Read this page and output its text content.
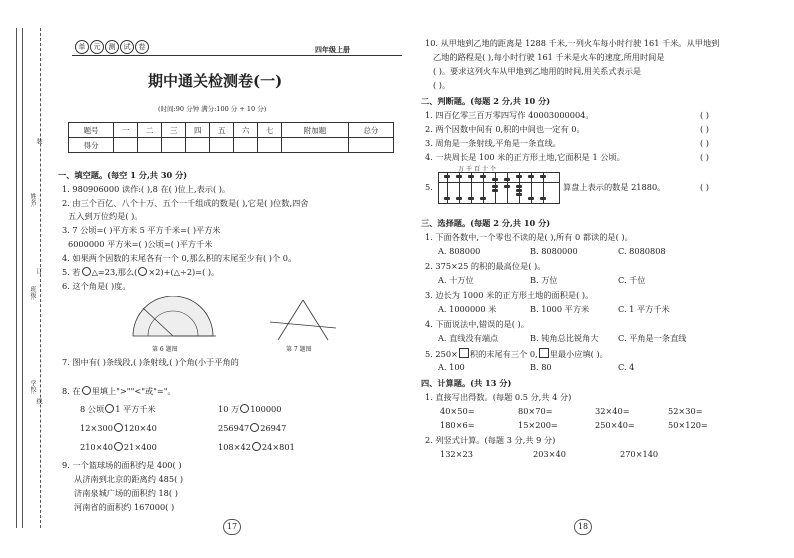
装
订
线
姓名:
班级:
学校:
单	元	测	试	卷	四年级上册
期中通关检测卷(一)
(时间:90 分钟 满分:100 分 + 10 分)
题号	一	二	三	四	五	六	七	附加题	总分
得分									
一、填空题。(每空 1 分,共 30 分)
1. 980906000 读作:( ),8 在( )位上,表示( )。
2. 由三个百亿、八个十万、五个一千组成的数是( ),它是( )位数,四舍
五入到万位约是( )。
3. 7 公顷=( )平方米 5 平方千米=( )平方米
6000000 平方米=( )公顷=( )平方千米
4. 如果两个因数的末尾各有一个 0,那么积的末尾至少有( )个 0。
5. 若 △=23,那么( ×2)+(△÷2)=( )。
6. 这个角是( )度。
第 6 题图	第 7 题图
7. 图中有( )条线段,( )条射线,( )个角(小于平角的
8. 在 里填上">""<"或"="。
8 公顷 1 平方千米	10 万 100000
12×300 120×40	256947 26947
210×40 21×400	108×42 24×801
9. 一个篮球场的面积约是 400( )
从济南到北京的距离约 485( )
济南泉城广场的面积约 18( )
河南省的面积约 167000( )
17
10. 从甲地到乙地的距离是 1288 千米,一列火车每小时行驶 161 千米。从甲地到
乙地的路程是( ),每小时行驶 161 千米是火车的速度,所用时间是
( )。要求这列火车从甲地到乙地用的时间,用关系式表示是
( )。
二、判断题。(每题 2 分,共 10 分)
1. 四百亿零三百万零四写作 40003000004。	( )
2. 两个因数中间有 0,积的中间也一定有 0。	( )
3. 周角是一条射线,平角是一条直线。	( )
4. 一块周长是 100 米的正方形土地,它面积是 1 公顷。	( )
5.
万千百十个
算盘上表示的数是 21880。	( )
三、选择题。(每题 2 分,共 10 分)
1. 下面各数中,一个零也不读的是( ),所有 0 都读的是( )。
A. 808000	B. 8080000	C. 8080808
2. 375×25 的积的最高位是( )。
A. 十万位	B. 万位	C. 千位
3. 边长为 1000 米的正方形土地的面积是( )。
A. 1000000 米	B. 1000 平方米	C. 1 平方千米
4. 下面说法中,错误的是( )。
A. 直线没有端点	B. 钝角总比锐角大 C. 平角是一条直线
5. 250× 积的末尾有三个 0, 里最小应填( )。
A. 100	B. 80	C. 4
四、计算题。(共 13 分)
1. 直接写出得数。(每题 0.5 分,共 4 分)
40×50=	80×70=	32×40=	52×30=
180×6=	15×200=	250×40=	50×120=
2. 列竖式计算。(每题 3 分,共 9 分)
132×23	203×40	270×140
18
